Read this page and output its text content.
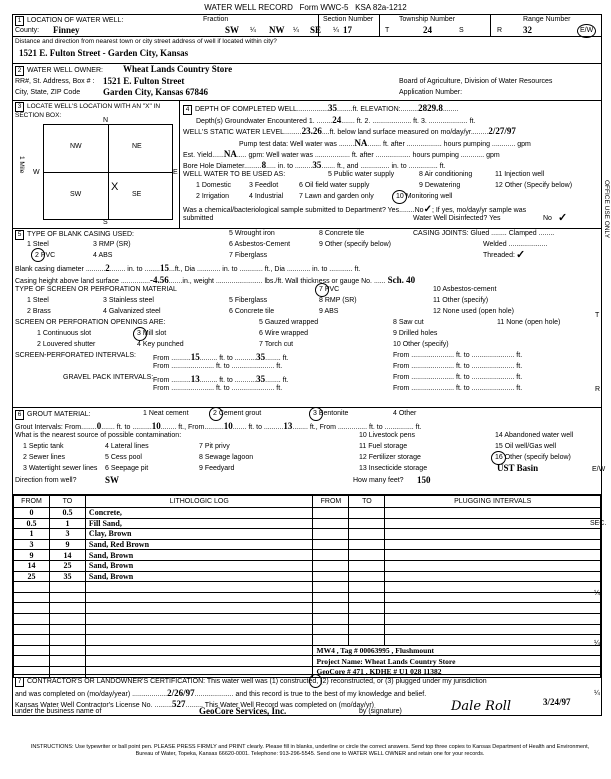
WATER WELL RECORD Form WWC-5 KSA 82a-1212
1 LOCATION OF WATER WELL:
County: Finney
Fraction
SW ¼ NW ¼ SE ¼
Section Number
17
Township Number
T	24	S
Range Number
R 32	E/W
Distance and direction from nearest town or city street address of well if located within city?
1521 E. Fulton Street - Garden City, Kansas
2 WATER WELL OWNER: Wheat Lands Country Store
RR#, St. Address, Box # : 1521 E. Fulton Street
City, State, ZIP Code	Garden City, Kansas 67846
Board of Agriculture, Division of Water Resources
Application Number:
3 LOCATE WELL'S LOCATION WITH AN "X" IN SECTION BOX:
N
S
W	E
NW	NE
SW	SE
X
1 Mile
4 DEPTH OF COMPLETED WELL................35........ft. ELEVATION:.........2829.8........
Depth(s) Groundwater Encountered 1. ........24....... ft. 2. .................... ft. 3. .................... ft.
WELL'S STATIC WATER LEVEL.........23.26....ft. below land surface measured on mo/day/yr.........2/27/97
Pump test data: Well water was ........NA....... ft. after .................. hours pumping ............ gpm
Est. Yield......NA..... gpm: Well water was .................. ft. after .................. hours pumping ............ gpm
Bore Hole Diameter.........8..... in. to .........35....... ft., and ............... in. to ............... ft.
WELL WATER TO BE USED AS:	5 Public water supply	8 Air conditioning	11 Injection well
1 Domestic	3 Feedlot	6 Oil field water supply	9 Dewatering	12 Other (Specify below)
2 Irrigation	4 Industrial 7 Lawn and garden only	10 Monitoring well
Was a chemical/bacteriological sample submitted to Department? Yes........No✓; If yes, mo/day/yr sample was
submitted	Water Well Disinfected? Yes	No ✓
5 TYPE OF BLANK CASING USED:	5 Wrought iron	8 Concrete tile	CASING JOINTS: Glued ........ Clamped ........
1 Steel	3 RMP (SR)	6 Asbestos-Cement	9 Other (specify below)	Welded ....................
2 PVC	4 ABS	7 Fiberglass	Threaded: ✓
Blank casing diameter ..........2........ in. to ........15...ft., Dia ............ in. to ............ ft., Dia ............ in. to ............ ft.
Casing height above land surface ...............-4.56.......in., weight ........................ lbs./ft. Wall thickness or gauge No. ...... Sch. 40
TYPE OF SCREEN OR PERFORATION MATERIAL	7 PVC	10 Asbestos-cement
1 Steel	3 Stainless steel	5 Fiberglass	8 RMP (SR)	11 Other (specify)
2 Brass	4 Galvanized steel	6 Concrete tile	9 ABS	12 None used (open hole)
SCREEN OR PERFORATION OPENINGS ARE:	5 Gauzed wrapped	8 Saw cut	11 None (open hole)
1 Continuous slot	3 Mill slot	6 Wire wrapped	9 Drilled holes
2 Louvered shutter	4 Key punched	7 Torch cut	10 Other (specify)
SCREEN-PERFORATED INTERVALS: From ..........15......... ft. to ...........35........ ft.	From ...................... ft. to ...................... ft.
From ...................... ft. to ...................... ft.	From ...................... ft. to ...................... ft.
GRAVEL PACK INTERVALS: From ..........13......... ft. to ...........35........ ft.	From ...................... ft. to ...................... ft.
From ...................... ft. to ...................... ft.	From ...................... ft. to ...................... ft.
6 GROUT MATERIAL:	1 Neat cement	2 Cement grout	3 Bentonite	4 Other
Grout Intervals: From........0....... ft. to ..........10........ ft., From..........10....... ft. to ..........13........ ft., From ............... ft. to ............... ft.
What is the nearest source of possible contamination:	10 Livestock pens	14 Abandoned water well
1 Septic tank	4 Lateral lines	7 Pit privy	11 Fuel storage	15 Oil well/Gas well
2 Sewer lines	5 Cess pool	8 Sewage lagoon	12 Fertilizer storage	16 Other (specify below)
3 Watertight sewer lines 6 Seepage pit	9 Feedyard	13 Insecticide storage	UST Basin
Direction from well?	SW	How many feet? 150
FROM	TO	LITHOLOGIC LOG	FROM	TO	PLUGGING INTERVALS
0	0.5	Concrete,			
0.5	1	Fill Sand,			
1	3	Clay, Brown			
3	9	Sand, Red Brown			
9	14	Sand, Brown			
14	25	Sand, Brown			
25	35	Sand, Brown			

			MW4 , Tag # 00063995 , Flushmount		
			Project Name: Wheat Lands Country Store		
			GeoCore # 471 , KDHE # U1 028 11382		
7 CONTRACTOR'S OR LANDOWNER'S CERTIFICATION: This water well was (1) constructed, (2) reconstructed, or (3) plugged under my jurisdiction
and was completed on (mo/day/year) ..................2/26/97.................... and this record is true to the best of my knowledge and belief.
Kansas Water Well Contractor's License No. .........527......... This Water Well Record was completed on (mo/day/yr)	3/24/97
under the business name of	GeoCore Services, Inc.	by (signature)	Dale Roll
INSTRUCTIONS: Use typewriter or ball point pen. PLEASE PRESS FIRMLY and PRINT clearly. Please fill in blanks, underline or circle the correct answers. Send top three copies to Kansas Department of Health and Environment, Bureau of Water, Topeka, Kansas 66620-0001. Telephone: 913-296-5545. Send one to WATER WELL OWNER and retain one for your records.
OFFICE USE ONLY
T
R
E/W
SEC.
¼
¼
¼
